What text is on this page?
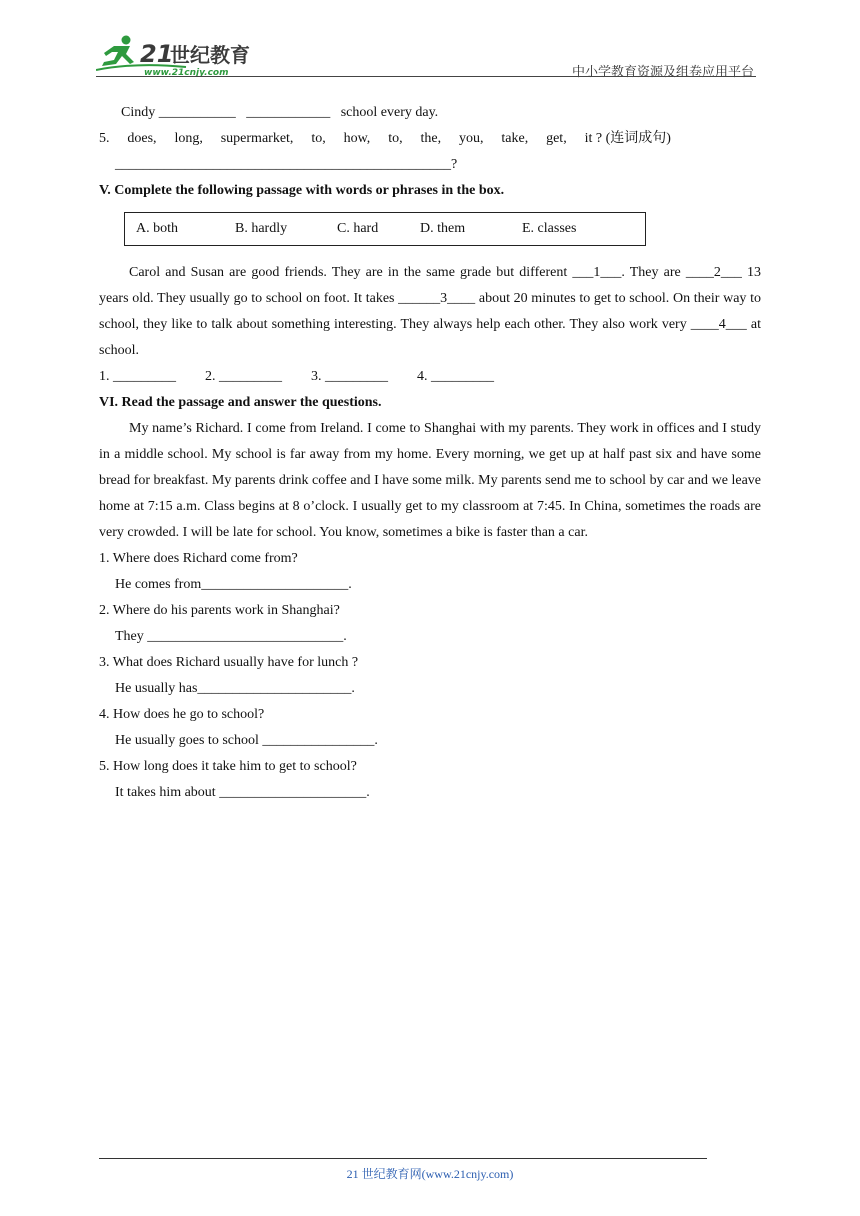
21
世纪教育
www.21cnjy.com	中小学教育资源及组卷应用平台
Cindy ___________   ____________   school every day.
5. does, long, supermarket, to, how, to, the, you, take, get, it ? (连词成句)
________________________________________________?
V. Complete the following passage with words or phrases in the box.
A. both	B. hardly	C. hard	D. them	E. classes
Carol and Susan are good friends. They are in the same grade but different ___1___. They are ____2___ 13 years old. They usually go to school on foot. It takes ______3____ about 20 minutes to get to school. On their way to school, they like to talk about something interesting. They always help each other. They also work very ____4___ at school.
1. _________ 2. _________ 3. _________ 4. _________
VI. Read the passage and answer the questions.
My name’s Richard. I come from Ireland. I come to Shanghai with my parents. They work in offices and I study in a middle school. My school is far away from my home. Every morning, we get up at half past six and have some bread for breakfast. My parents drink coffee and I have some milk. My parents send me to school by car and we leave home at 7:15 a.m. Class begins at 8 o’clock. I usually get to my classroom at 7:45. In China, sometimes the roads are very crowded. I will be late for school. You know, sometimes a bike is faster than a car.
1. Where does Richard come from?
He comes from_____________________.
2. Where do his parents work in Shanghai?
They ____________________________.
3. What does Richard usually have for lunch ?
He usually has______________________.
4. How does he go to school?
He usually goes to school ________________.
5. How long does it take him to get to school?
It takes him about _____________________.
21 世纪教育网(www.21cnjy.com)
